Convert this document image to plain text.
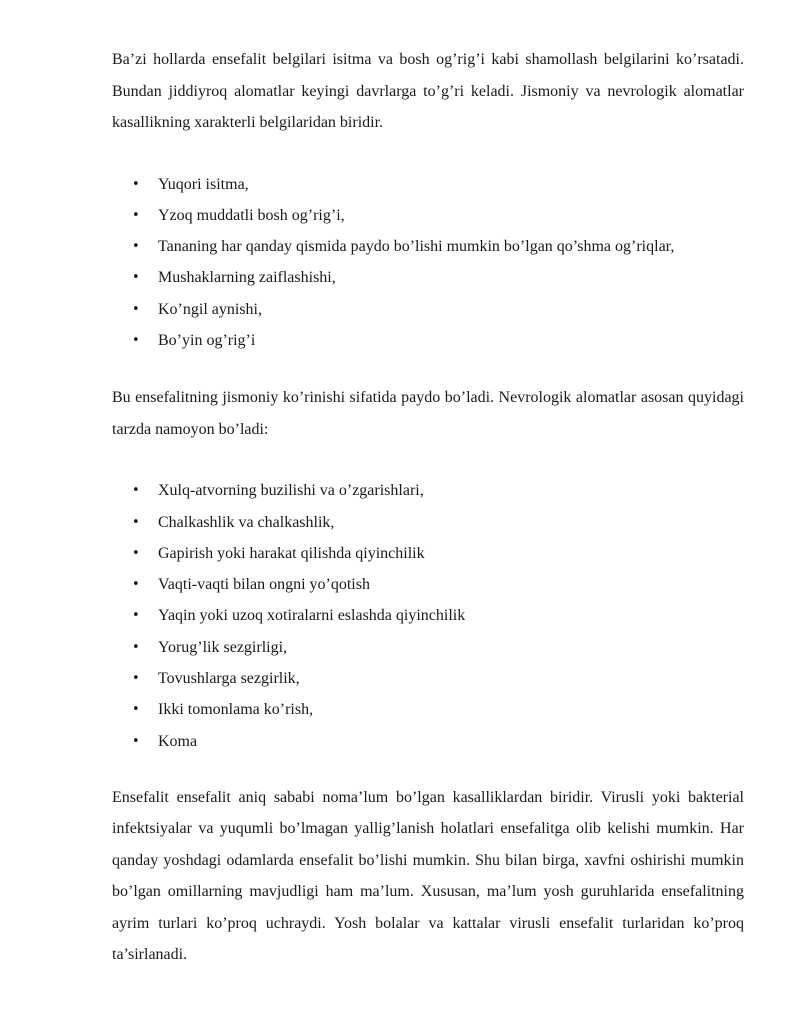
Ba’zi hollarda ensefalit belgilari isitma va bosh og’rig’i kabi shamollash belgilarini ko’rsatadi. Bundan jiddiyroq alomatlar keyingi davrlarga to’g’ri keladi. Jismoniy va nevrologik alomatlar kasallikning xarakterli belgilaridan biridir.

• Yuqori isitma,
• Yzoq muddatli bosh og’rig’i,
• Tananing har qanday qismida paydo bo’lishi mumkin bo’lgan qo’shma og’riqlar,
• Mushaklarning zaiflashishi,
• Ko’ngil aynishi,
• Bo’yin og’rig’i

Bu ensefalitning jismoniy ko’rinishi sifatida paydo bo’ladi. Nevrologik alomatlar asosan quyidagi tarzda namoyon bo’ladi:

• Xulq-atvorning buzilishi va o’zgarishlari,
• Chalkashlik va chalkashlik,
• Gapirish yoki harakat qilishda qiyinchilik
• Vaqti-vaqti bilan ongni yo’qotish
• Yaqin yoki uzoq xotiralarni eslashda qiyinchilik
• Yorug’lik sezgirligi,
• Tovushlarga sezgirlik,
• Ikki tomonlama ko’rish,
• Koma

Ensefalit ensefalit aniq sababi noma’lum bo’lgan kasalliklardan biridir. Virusli yoki bakterial infektsiyalar va yuqumli bo’lmagan yallig’lanish holatlari ensefalitga olib kelishi mumkin. Har qanday yoshdagi odamlarda ensefalit bo’lishi mumkin. Shu bilan birga, xavfni oshirishi mumkin bo’lgan omillarning mavjudligi ham ma’lum. Xususan, ma’lum yosh guruhlarida ensefalitning ayrim turlari ko’proq uchraydi. Yosh bolalar va kattalar virusli ensefalit turlaridan ko’proq ta’sirlanadi.
